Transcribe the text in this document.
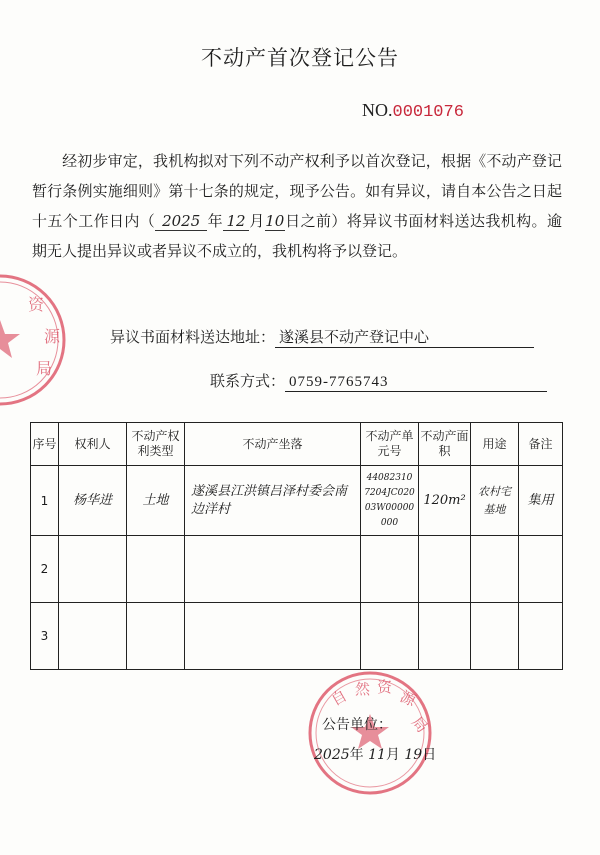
资
源
局
自 然 资
源
局
不动产首次登记公告
NO.0001076
经初步审定，我机构拟对下列不动产权利予以首次登记，根据《不动产登记暂行条例实施细则》第十七条的规定，现予公告。如有异议，请自本公告之日起十五个工作日内（ 2025 年 12 月10日之前）将异议书面材料送达我机构。逾期无人提出异议或者异议不成立的，我机构将予以登记。
异议书面材料送达地址： 遂溪县不动产登记中心
联系方式： 0759-7765743
序号	权利人	不动产权利类型	不动产坐落	不动产单元号	不动产面 积	用途	备注
1	杨华进	土地	遂溪县江洪镇吕泽村委会南边洋村	440823107204JC02003W00000000	120m²	农村宅基地	集用
2							
3							
公告单位：
2025年 11月 19日
